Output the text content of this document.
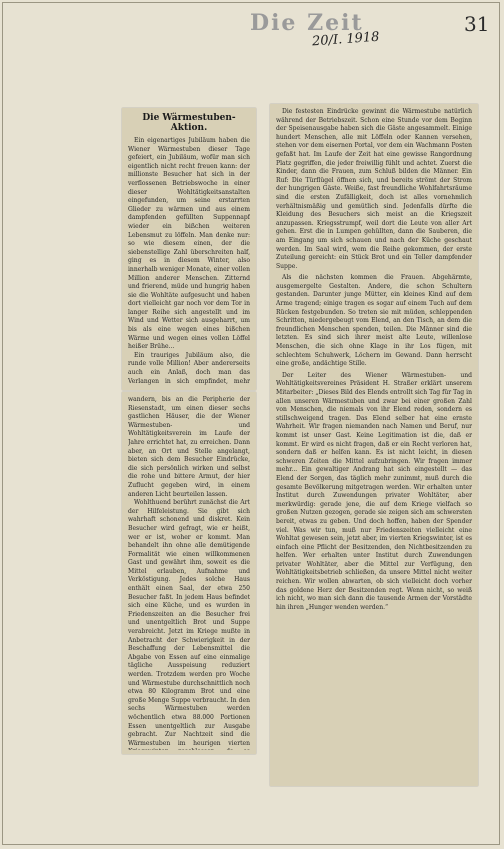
Die Zeit
20/I. 1918
31
Die Wärmestuben-Aktion.

Ein eigenartiges Jubiläum haben die Wiener Wärmestuben dieser Tage gefeiert, ein Jubiläum, wofür man sich eigentlich nicht recht freuen kann: der millionste Besucher hat sich in der verflossenen Betriebswoche in einer dieser Wohltätigkeitsanstalten eingefunden, um seine erstarrten Glieder zu wärmen und aus einem dampfenden gefüllten Suppennapf wieder ein bißchen weiteren Lebensmut zu löffeln. Man denke nur: so wie diesem einen, der die siebenstellige Zahl überschreiten half, ging es in diesem Winter, also innerhalb weniger Monate, einer vollen Million anderer Menschen. Zitternd und frierend, müde und hungrig haben sie die Wohltäte aufgesucht und haben dort vielleicht gar noch vor dem Tor in langer Reihe sich angestellt und im Wind und Wetter sich ausgeharrt, um bis als eine wegen eines bißchen Wärme und wegen eines vollen Löffel heißer Brühe...

Ein trauriges Jubiläum also, die runde volle Million! Aber andererseits auch ein Anlaß, doch man das Verlangen in sich empfindet, mehr

wandern, bis an die Peripherie der Riesenstadt, um einen dieser sechs gastlichen Häuser, die der Wiener Wärmestuben- und Wohltätigkeitsverein im Laufe der Jahre errichtet hat, zu erreichen. Dann aber, an Ort und Stelle angelangt, bieten sich dem Besucher Eindrücke, die sich persönlich wirken und selbst die rohe und bittere Armut, der hier Zuflucht gegeben wird, in einem anderen Licht beurteilen lassen.

Wohlthuend berührt zunächst die Art der Hilfeleistung. Sie gibt sich wahrhaft schonend und diskret. Kein Besucher wird gefragt, wie er heißt, wer er ist, woher er kommt. Man behandelt ihn ohne alle demütigende Formalität wie einen willkommenen Gast und gewährt ihm, soweit es die Mittel erlauben, Aufnahme und Verköstigung. Jedes solche Haus enthält einen Saal, der etwa 250 Besucher faßt. In jedem Haus befindet sich eine Küche, und es wurden in Friedenszeiten an die Besucher frei und unentgeltlich Brot und Suppe verabreicht. Jetzt im Kriege mußte in Anbetracht der Schwierigkeit in der Beschaffung der Lebensmittel die Abgabe von Essen auf eine einmalige tägliche Ausspeisung reduziert werden. Trotzdem werden pro Woche und Wärmestube durchschnittlich noch etwa 80 Kilogramm Brot und eine große Menge Suppe verbraucht. In den sechs Wärmestuben werden wöchentlich etwa 88.000 Portionen Essen unentgeltlich zur Ausgabe gebracht. Zur Nachtzeit sind die Wärmestuben im heurigen vierten

Die festesten Eindrücke gewinnt die Wärmestube natürlich während der Betriebszeit. Schon eine Stunde vor dem Beginn der Speisenausgabe haben sich die Gäste angesammelt. Einige hundert Menschen, alle mit Löffeln oder Kannen versehen, stehen vor dem eisernen Portal, vor dem ein Wachmann Posten gefaßt hat. Im Laufe der Zeit hat eine gewisse Rangordnung Platz gegriffen, die jeder freiwillig fühlt und achtet. Zuerst die Kinder, dann die Frauen, zum Schluß bilden die Männer. Ein Ruf: Die Türflügel öffnen sich, und bereits strömt der Strom der hungrigen Gäste. Weiße, fast freundliche Wohlfahrtsräume sind die ersten Zufälligkeit, doch ist alles vornehmlich verhältnismäßig und gemütlich sind. Jedenfalls dürfte die Kleidung des Besuchers sich meist an die Kriegszeit anzupassen. Kriegsstrumpf, weil dort die Leute von aller Art gehen. Erst die in Lumpen gehüllten, dann die Sauberen, die am Eingang um sich schauen und nach der Küche geschaut werden. Im Saal wird, wem die Reihe gekommen, der erste Zuteilung gereicht: ein Stück Brot und ein Teller dampfender Suppe.

Als die nächsten kommen die Frauen. Abgehärmte, ausgemergelte Gestalten. Andere, die schon Schultern gestanden. Darunter junge Mütter, ein kleines Kind auf dem Arme tragend; einige tragen es sogar auf einem Tuch auf dem Rücken festgebunden. So treten sie mit müden, schleppenden Schritten, niedergebeugt vom Elend, an den Tisch, an dem die freundlichen Menschen spenden, teilen. Die Männer sind die letzten. Es sind sich ihrer meist alte Leute, willenlose Menschen, die sich ohne Klage in ihr Los fügen, mit schlechtem Schuhwerk, Löchern im Gewand. Dann herrscht eine große, andächtige Stille.

Der Leiter des Wiener Wärmestuben- und Wohltätigkeitsvereines Präsident H. Straßer erklärt unserem Mitarbeiter: „Dieses Bild des Elends entrollt sich Tag für Tag in allen unseren Wärmestuben und zwar bei einer großen Zahl von Menschen, die niemals von ihr Elend reden, sondern es stillschweigend tragen. Das Elend selber hat eine ernste Wahrheit. Wir fragen niemanden nach Namen und Beruf, nur kommt ist unser Gast. Keine Legitimation ist die, daß er kommt. Er wird es nicht fragen, daß er ein Recht verloren hat, sondern daß er helfen kann. Es ist nicht leicht, in diesen schweren Zeiten die Mittel aufzubringen. Wir fragen immer mehr... Ein gewaltiger Andrang hat sich eingestellt — das Elend der Sorgen, das täglich mehr zunimmt, muß durch die gesamte Bevölkerung mitgetragen werden. Wir erhalten unter Institut durch Zuwendungen privater Wohltäter, aber merkwürdig: gerade jene, die auf dem Kriege vielfach so großen Nutzen gezogen, gerade sie zeigen sich am schwersten bereit, etwas zu geben. Und doch hoffen, haben der Spender viel. Was wir tun, muß nur Friedenszeiten vielleicht eine Wohltat gewesen sein, jetzt aber, im vierten Kriegswinter, ist es einfach eine Pflicht der Besitzenden, den Nichtbesitzenden zu helfen. Wer erhalten unter Institut durch Zuwendungen privater Wohltäter, aber die Mittel zur Verfügung, den Wohltätigkeitsbetrieb schließen, da unsere Mittel nicht weiter reichen. Wir wollen abwarten, ob sich vielleicht doch vorher das goldene Herz der Besitzenden regt. Wenn nicht, so weiß ich nicht, wo man sich dann die tausende Armen der Vorstädte hin ihren „Hunger wenden werden.“
